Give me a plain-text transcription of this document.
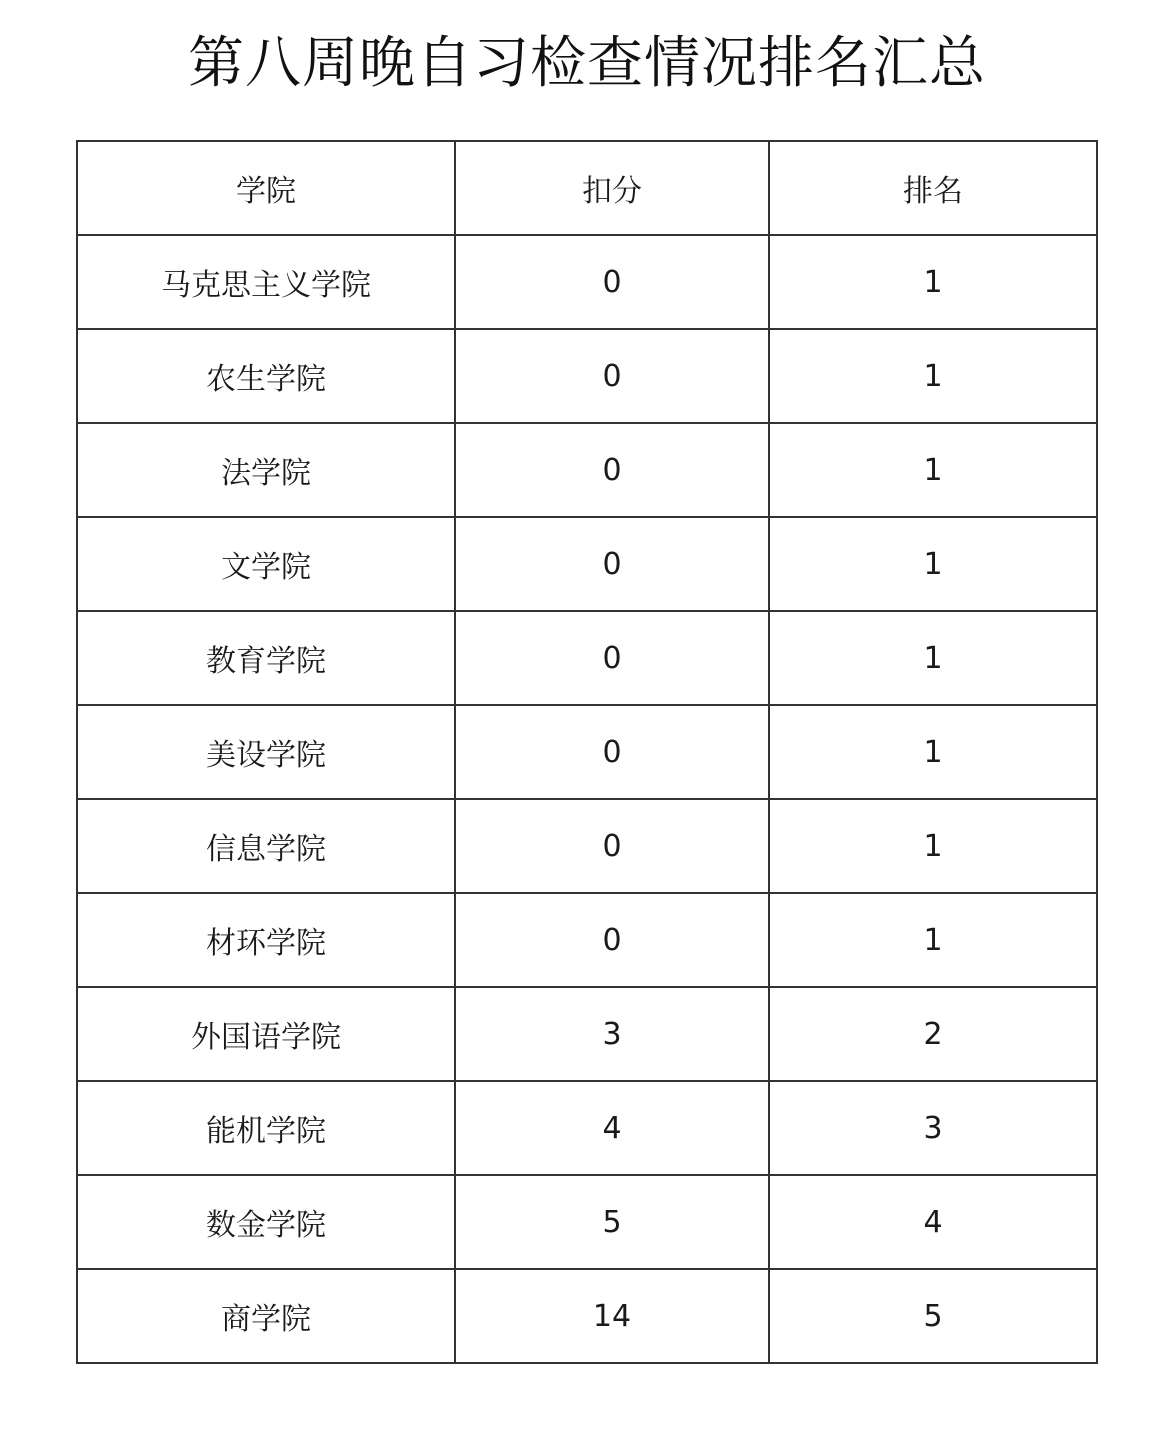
第八周晚自习检查情况排名汇总
学院	扣分	排名
马克思主义学院	0	1
农生学院	0	1
法学院	0	1
文学院	0	1
教育学院	0	1
美设学院	0	1
信息学院	0	1
材环学院	0	1
外国语学院	3	2
能机学院	4	3
数金学院	5	4
商学院	14	5
